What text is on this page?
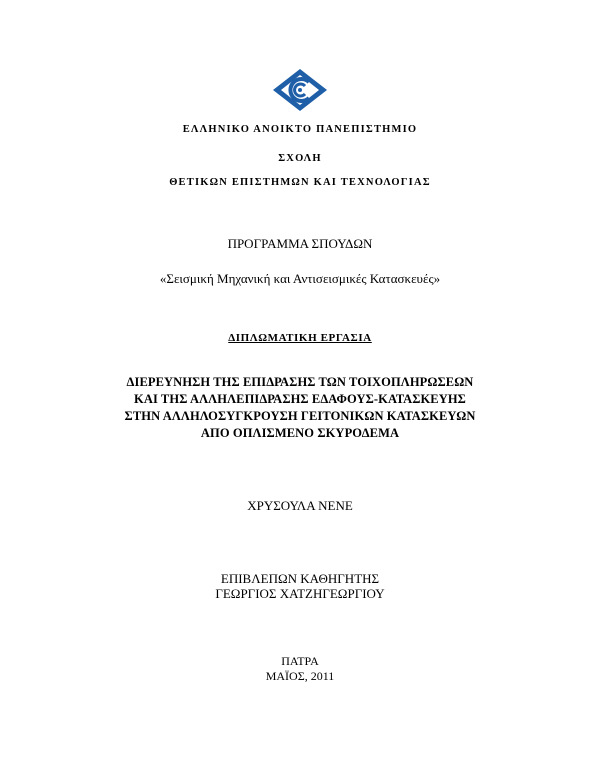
ΕΛΛΗΝΙΚΟ ΑΝΟΙΚΤΟ ΠΑΝΕΠΙΣΤΗΜΙΟ
ΣΧΟΛΗ
ΘΕΤΙΚΩΝ ΕΠΙΣΤΗΜΩΝ ΚΑΙ ΤΕΧΝΟΛΟΓΙΑΣ
ΠΡΟΓΡΑΜΜΑ ΣΠΟΥΔΩΝ
«Σεισμική Μηχανική και Αντισεισμικές Κατασκευές»
ΔΙΠΛΩΜΑΤΙΚΗ ΕΡΓΑΣΙΑ
ΔΙΕΡΕΥΝΗΣΗ ΤΗΣ ΕΠΙΔΡΑΣΗΣ ΤΩΝ ΤΟΙΧΟΠΛΗΡΩΣΕΩΝ
ΚΑΙ ΤΗΣ ΑΛΛΗΛΕΠΙΔΡΑΣΗΣ ΕΔΑΦΟΥΣ-ΚΑΤΑΣΚΕΥΗΣ
ΣΤΗΝ ΑΛΛΗΛΟΣΥΓΚΡΟΥΣΗ ΓΕΙΤΟΝΙΚΩΝ ΚΑΤΑΣΚΕΥΩΝ
ΑΠΟ ΟΠΛΙΣΜΕΝΟ ΣΚΥΡΟΔΕΜΑ
ΧΡΥΣΟΥΛΑ ΝΕΝΕ
ΕΠΙΒΛΕΠΩΝ ΚΑΘΗΓΗΤΗΣ
ΓΕΩΡΓΙΟΣ ΧΑΤΖΗΓΕΩΡΓΙΟΥ
ΠΑΤΡΑ
ΜΑΪΟΣ, 2011
